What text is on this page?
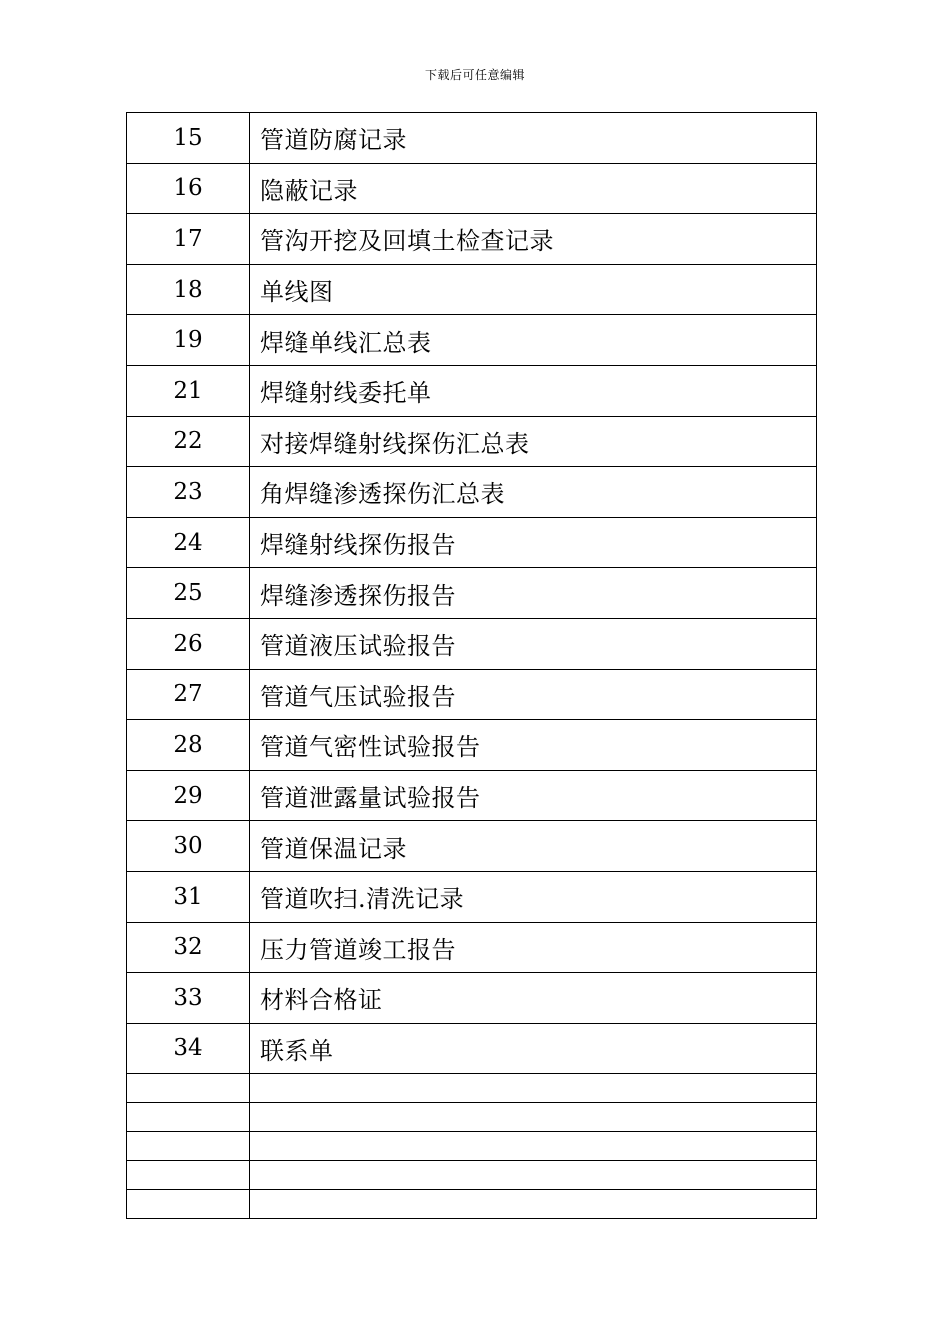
下载后可任意编辑
15	管道防腐记录
16	隐蔽记录
17	管沟开挖及回填土检查记录
18	单线图
19	焊缝单线汇总表
21	焊缝射线委托单
22	对接焊缝射线探伤汇总表
23	角焊缝渗透探伤汇总表
24	焊缝射线探伤报告
25	焊缝渗透探伤报告
26	管道液压试验报告
27	管道气压试验报告
28	管道气密性试验报告
29	管道泄露量试验报告
30	管道保温记录
31	管道吹扫.清洗记录
32	压力管道竣工报告
33	材料合格证
34	联系单
